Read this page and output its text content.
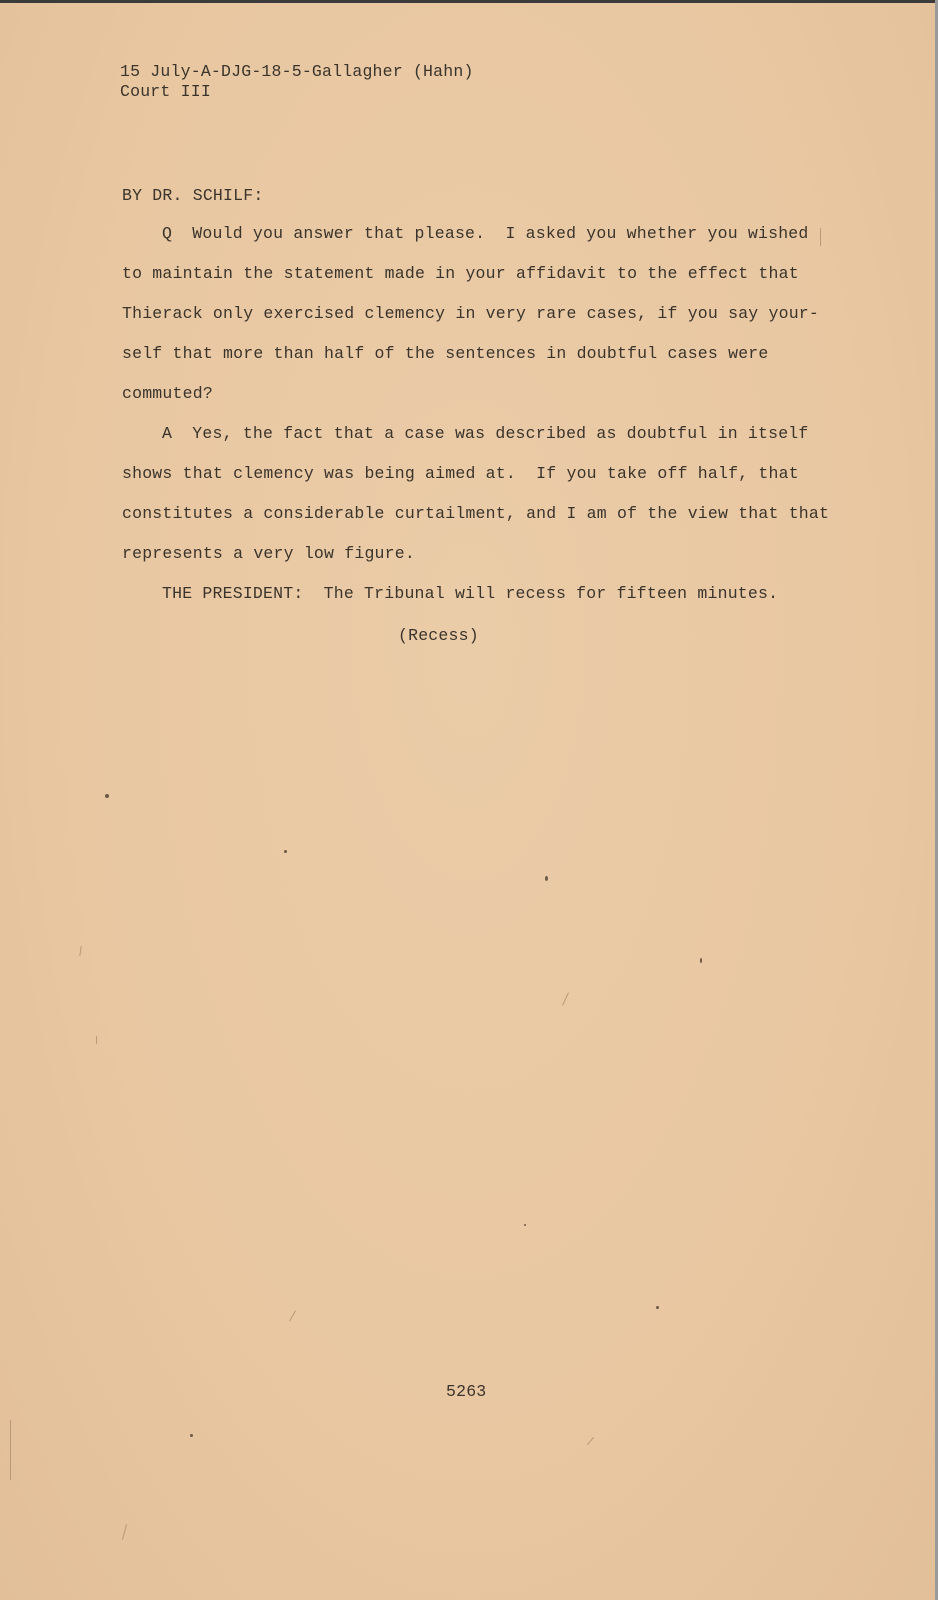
15 July-A-DJG-18-5-Gallagher (Hahn)
Court III
BY DR. SCHILF:
Q  Would you answer that please.  I asked you whether you wished
to maintain the statement made in your affidavit to the effect that
Thierack only exercised clemency in very rare cases, if you say your-
self that more than half of the sentences in doubtful cases were
commuted?
A  Yes, the fact that a case was described as doubtful in itself
shows that clemency was being aimed at.  If you take off half, that
constitutes a considerable curtailment, and I am of the view that that
represents a very low figure.
THE PRESIDENT:  The Tribunal will recess for fifteen minutes.
(Recess)
5263
